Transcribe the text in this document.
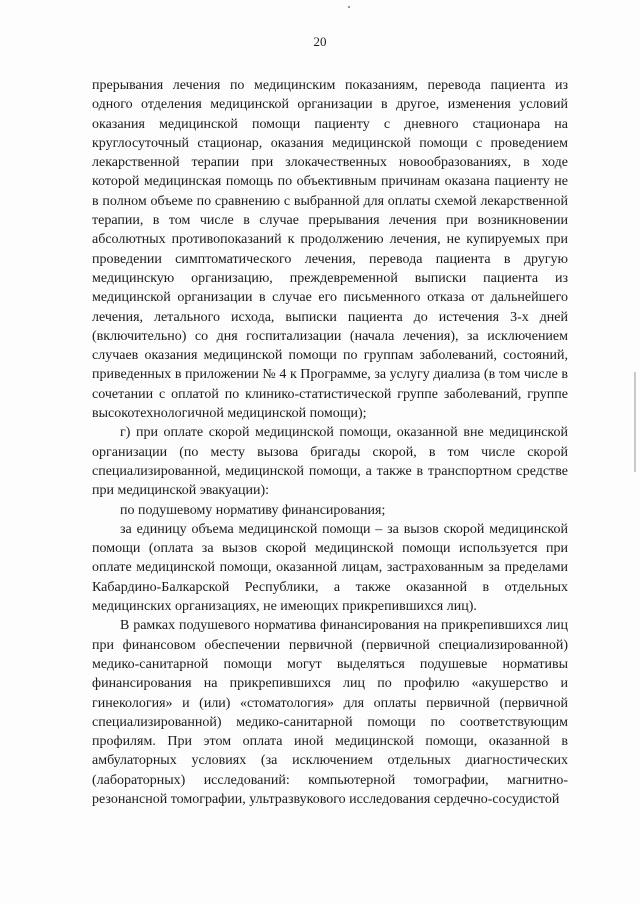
20

прерывания лечения по медицинским показаниям, перевода пациента из одного отделения медицинской организации в другое, изменения условий оказания медицинской помощи пациенту с дневного стационара на круглосуточный стационар, оказания медицинской помощи с проведением лекарственной терапии при злокачественных новообразованиях, в ходе которой медицинская помощь по объективным причинам оказана пациенту не в полном объеме по сравнению с выбранной для оплаты схемой лекарственной терапии, в том числе в случае прерывания лечения при возникновении абсолютных противопоказаний к продолжению лечения, не купируемых при проведении симптоматического лечения, перевода пациента в другую медицинскую организацию, преждевременной выписки пациента из медицинской организации в случае его письменного отказа от дальнейшего лечения, летального исхода, выписки пациента до истечения 3-х дней (включительно) со дня госпитализации (начала лечения), за исключением случаев оказания медицинской помощи по группам заболеваний, состояний, приведенных в приложении № 4 к Программе, за услугу диализа (в том числе в сочетании с оплатой по клинико-статистической группе заболеваний, группе высокотехнологичной медицинской помощи);

г) при оплате скорой медицинской помощи, оказанной вне медицинской организации (по месту вызова бригады скорой, в том числе скорой специализированной, медицинской помощи, а также в транспортном средстве при медицинской эвакуации):

по подушевому нормативу финансирования;

за единицу объема медицинской помощи – за вызов скорой медицинской помощи (оплата за вызов скорой медицинской помощи используется при оплате медицинской помощи, оказанной лицам, застрахованным за пределами Кабардино-Балкарской Республики, а также оказанной в отдельных медицинских организациях, не имеющих прикрепившихся лиц).

В рамках подушевого норматива финансирования на прикрепившихся лиц при финансовом обеспечении первичной (первичной специализированной) медико-санитарной помощи могут выделяться подушевые нормативы финансирования на прикрепившихся лиц по профилю «акушерство и гинекология» и (или) «стоматология» для оплаты первичной (первичной специализированной) медико-санитарной помощи по соответствующим профилям. При этом оплата иной медицинской помощи, оказанной в амбулаторных условиях (за исключением отдельных диагностических (лабораторных) исследований: компьютерной томографии, магнитно-резонансной томографии, ультразвукового исследования сердечно-сосудистой
